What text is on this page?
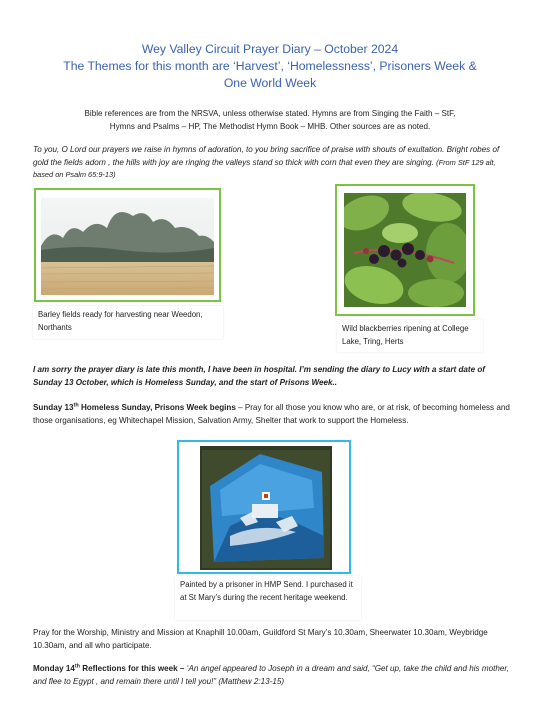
Wey Valley Circuit Prayer Diary – October 2024
The Themes for this month are ‘Harvest’, ‘Homelessness’, Prisoners Week &
One World Week
Bible references are from the NRSVA, unless otherwise stated. Hymns are from Singing the Faith – StF,
Hymns and Psalms – HP, The Methodist Hymn Book – MHB. Other sources are as noted.
To you, O Lord our prayers we raise in hymns of adoration, to you bring sacrifice of praise with shouts of exultation. Bright robes of gold the fields adorn , the hills with joy are ringing the valleys stand so thick with corn that even they are singing. (From StF 129 alt, based on Psalm 65:9-13)
Barley fields ready for harvesting near Weedon, Northants	Wild blackberries ripening at College Lake, Tring, Herts
I am sorry the prayer diary is late this month, I have been in hospital. I’m sending the diary to Lucy with a start date of Sunday 13 October, which is Homeless Sunday, and the start of Prisons Week..
Sunday 13th Homeless Sunday, Prisons Week begins – Pray for all those you know who are, or at risk, of becoming homeless and those organisations, eg Whitechapel Mission, Salvation Army, Shelter that work to support the Homeless.
Painted by a prisoner in HMP Send. I purchased it at St Mary’s during the recent heritage weekend.
Pray for the Worship, Ministry and Mission at Knaphill 10.00am, Guildford St Mary’s 10.30am, Sheerwater 10.30am, Weybridge 10.30am, and all who participate.
Monday 14th Reflections for this week – ‘An angel appeared to Joseph in a dream and said, “Get up, take the child and his mother, and flee to Egypt , and remain there until I tell you!” (Matthew 2:13-15)
